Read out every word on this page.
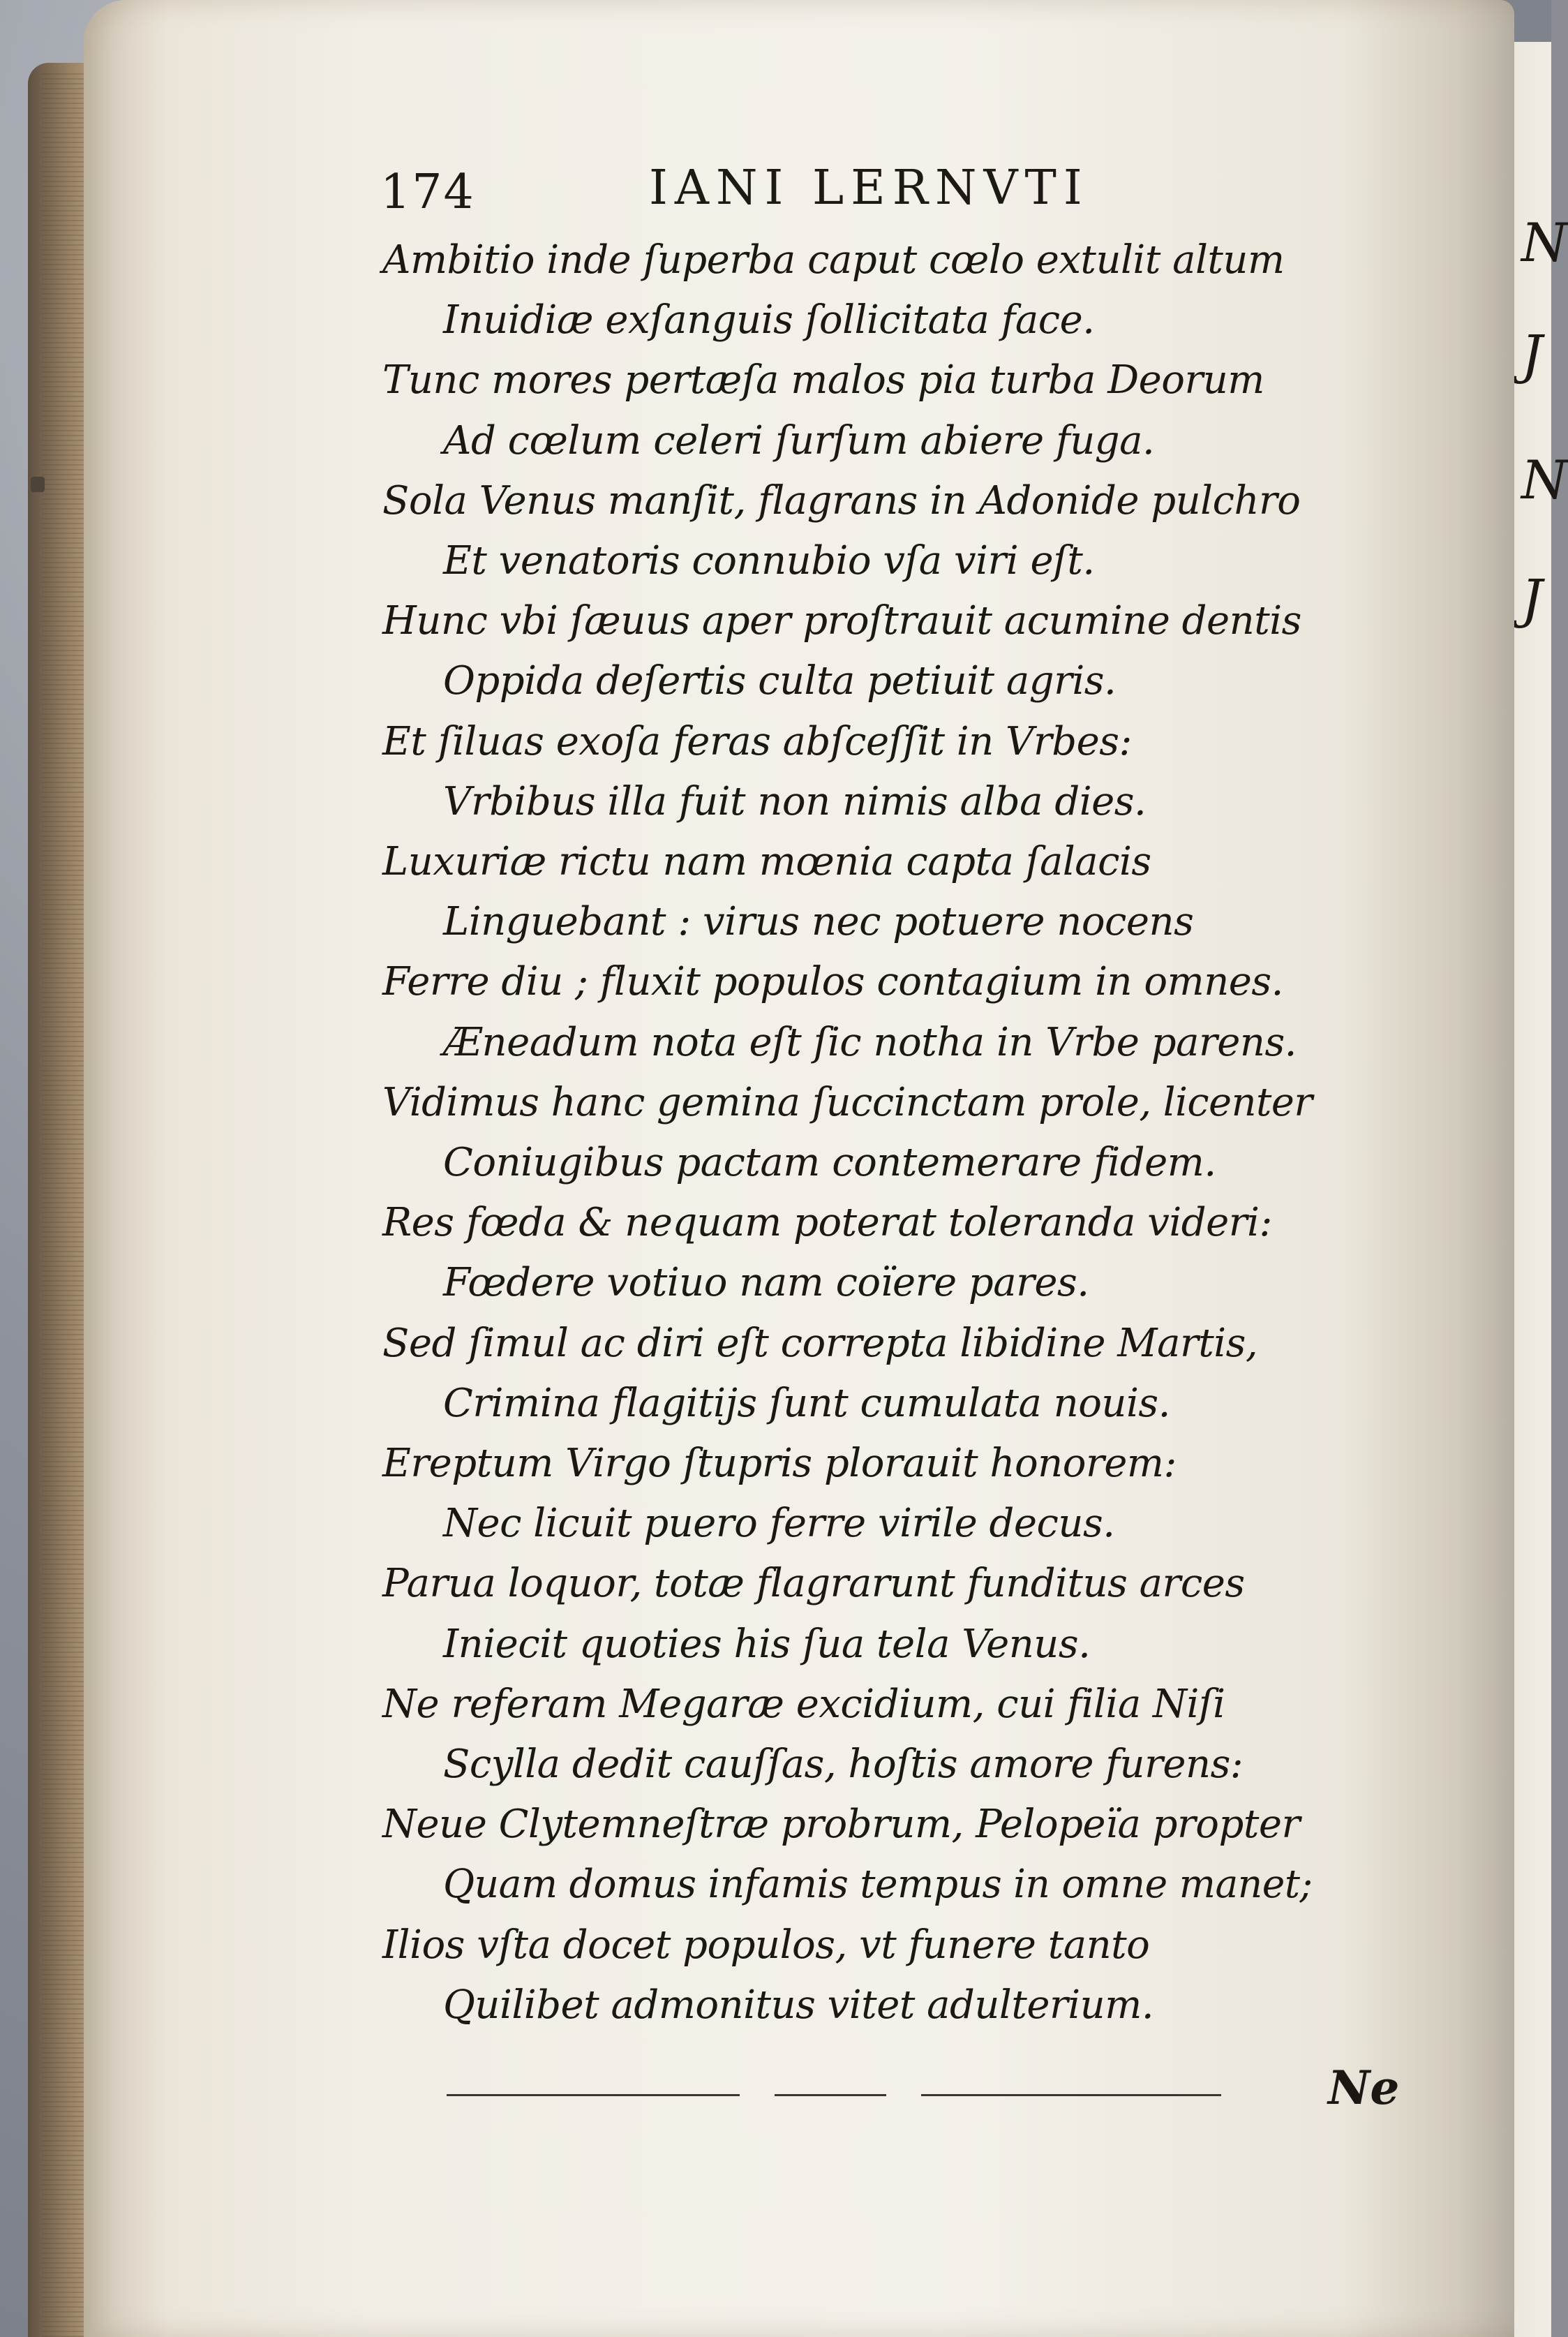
N
J
N
J
174	IANI LERNVTI
Ambitio inde ſuperba caput cœlo extulit altum
Inuidiæ exſanguis ſollicitata face.
Tunc mores pertæſa malos pia turba Deorum
Ad cœlum celeri ſurſum abiere fuga.
Sola Venus manſit, flagrans in Adonide pulchro
Et venatoris connubio vſa viri eſt.
Hunc vbi ſæuus aper proſtrauit acumine dentis
Oppida deſertis culta petiuit agris.
Et ſiluas exoſa feras abſceſſit in Vrbes:
Vrbibus illa fuit non nimis alba dies.
Luxuriæ rictu nam mœnia capta ſalacis
Linguebant : virus nec potuere nocens
Ferre diu ; fluxit populos contagium in omnes.
Æneadum nota eſt ſic notha in Vrbe parens.
Vidimus hanc gemina ſuccinctam prole, licenter
Coniugibus pactam contemerare fidem.
Res fœda & nequam poterat toleranda videri:
Fœdere votiuo nam coïere pares.
Sed ſimul ac diri eſt correpta libidine Martis,
Crimina flagitijs ſunt cumulata nouis.
Ereptum Virgo ſtupris plorauit honorem:
Nec licuit puero ferre virile decus.
Parua loquor, totæ flagrarunt funditus arces
Iniecit quoties his ſua tela Venus.
Ne referam Megaræ excidium, cui filia Niſi
Scylla dedit cauſſas, hoſtis amore furens:
Neue Clytemneſtræ probrum, Pelopeïa propter
Quam domus infamis tempus in omne manet;
Ilios vſta docet populos, vt funere tanto
Quilibet admonitus vitet adulterium.
Ne
